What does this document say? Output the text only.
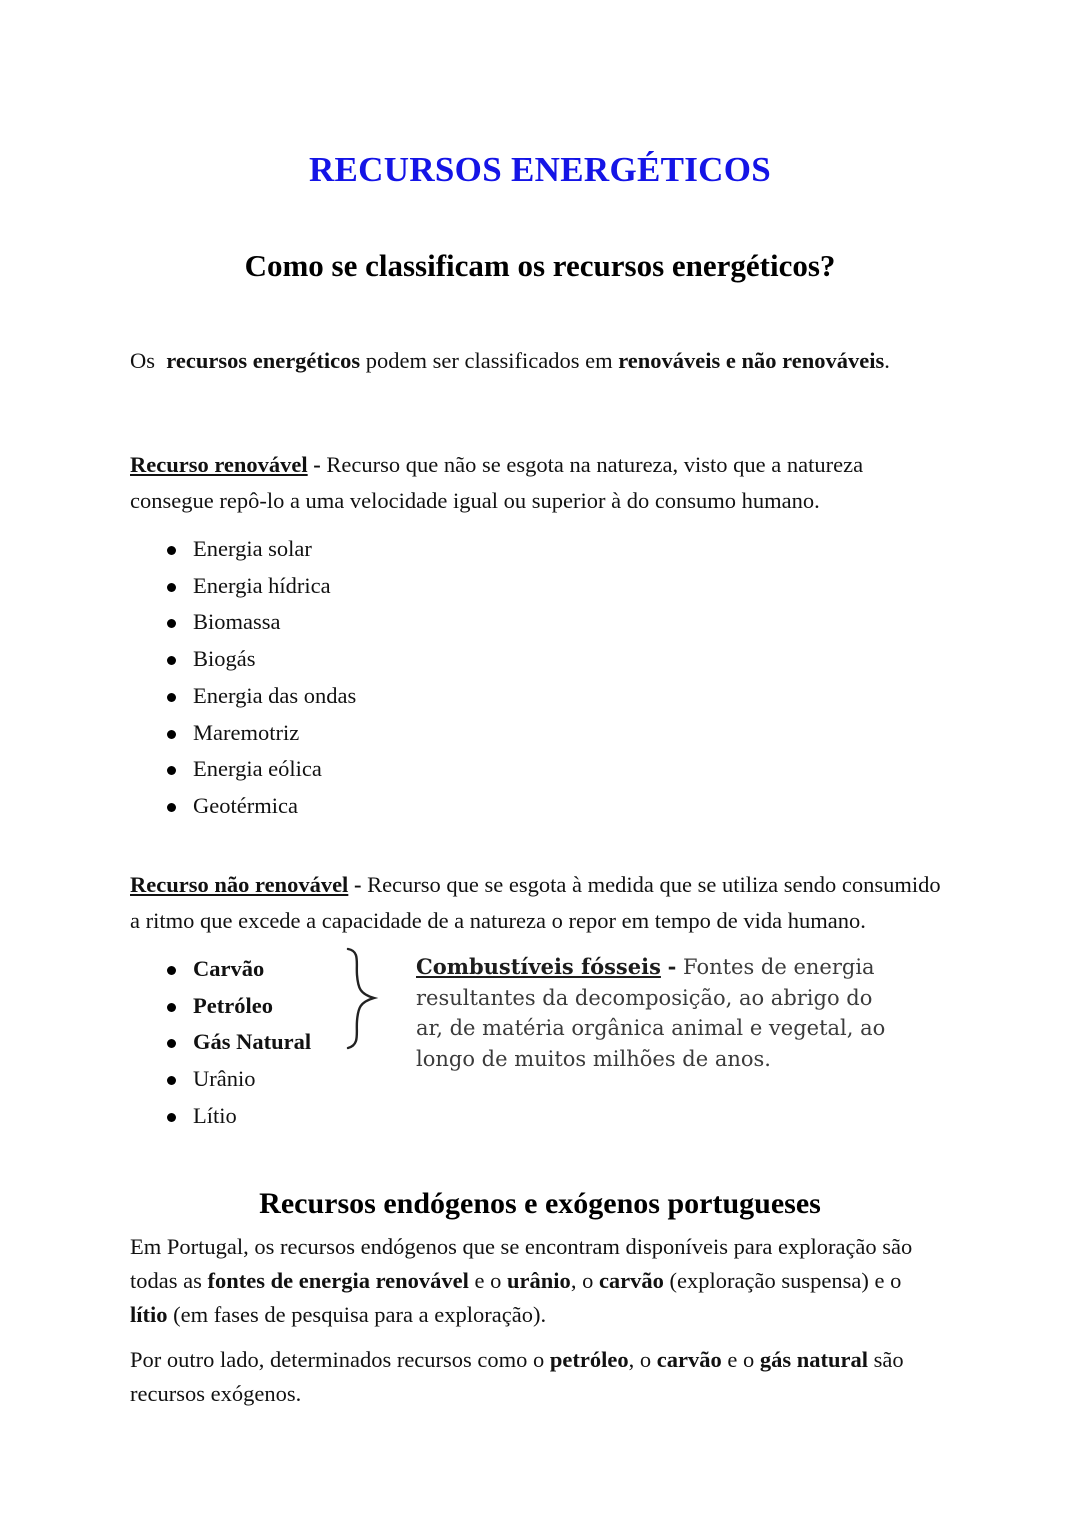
RECURSOS ENERGÉTICOS
Como se classificam os recursos energéticos?

Os recursos energéticos podem ser classificados em renováveis e não renováveis.

Recurso renovável - Recurso que não se esgota na natureza, visto que a natureza consegue repô-lo a uma velocidade igual ou superior à do consumo humano.

Energia solar
Energia hídrica
Biomassa
Biogás
Energia das ondas
Maremotriz
Energia eólica
Geotérmica

Recurso não renovável - Recurso que se esgota à medida que se utiliza sendo consumido a ritmo que excede a capacidade de a natureza o repor em tempo de vida humano.

Carvão
Petróleo
Gás Natural
Urânio
Lítio
Combustíveis fósseis - Fontes de energia resultantes da decomposição, ao abrigo do ar, de matéria orgânica animal e vegetal, ao longo de muitos milhões de anos.
Recursos endógenos e exógenos portugueses

Em Portugal, os recursos endógenos que se encontram disponíveis para exploração são todas as fontes de energia renovável e o urânio, o carvão (exploração suspensa) e o lítio (em fases de pesquisa para a exploração).

Por outro lado, determinados recursos como o petróleo, o carvão e o gás natural são recursos exógenos.
